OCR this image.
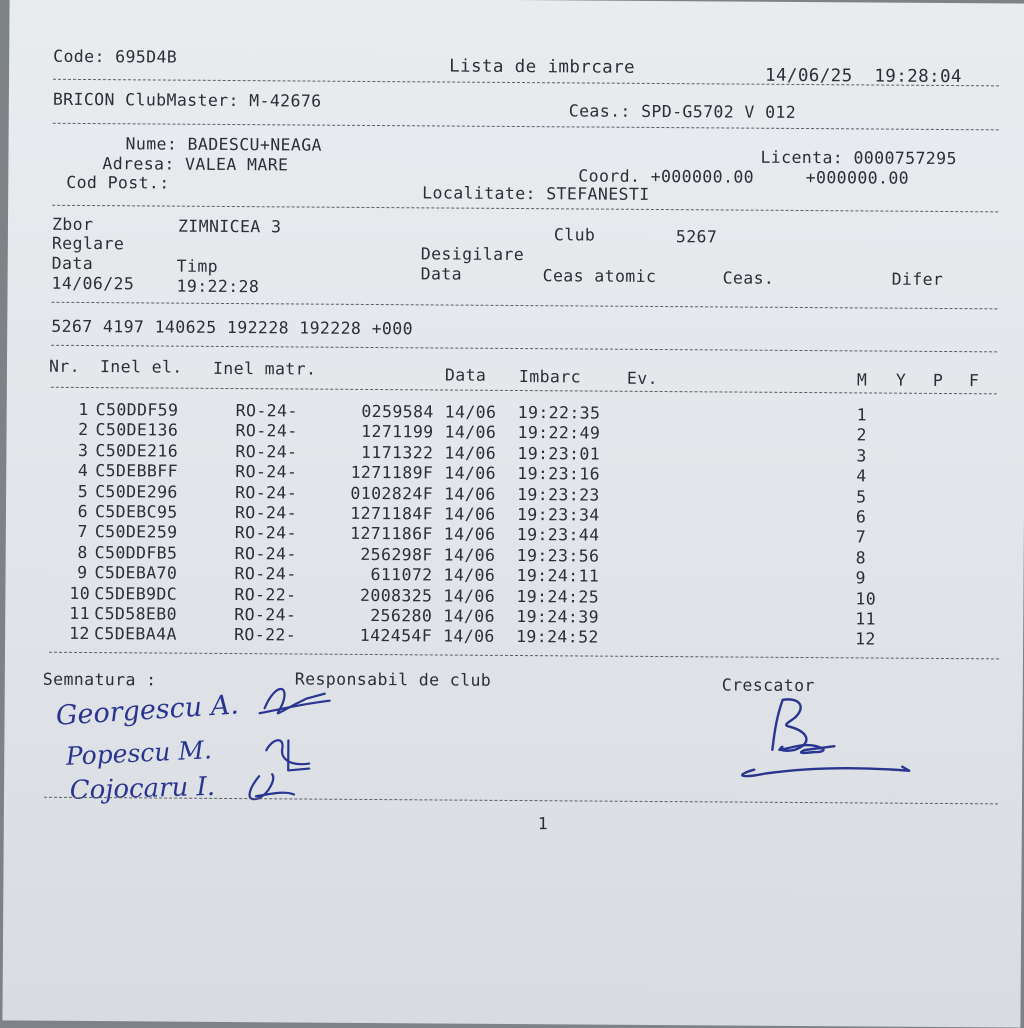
Code: 695D4B	Lista de imbrcare	14/06/25  19:28:04
BRICON ClubMaster: M-42676
Ceas.: SPD-G5702 V 012
Nume: BADESCU+NEAGA
Adresa: VALEA MARE
Cod Post.:
Licenta: 0000757295
Coord. +000000.00     +000000.00
Localitate: STEFANESTI
Zbor	ZIMNICEA 3	Club	5267
Reglare
Desigilare
Data	Timp	Data	Ceas atomic	Ceas.	Difer
14/06/25	19:22:28
5267 4197 140625 192228 192228 +000
Nr. Inel el. Inel matr.	Data Imbarc	Ev.	M Y P F
1 C50DDF59	RO-24-	0259584 14/06 19:22:35	1
2 C50DE136	RO-24-	1271199 14/06 19:22:49	2
3 C50DE216	RO-24-	1171322 14/06 19:23:01	3
4 C5DEBBFF	RO-24-	1271189F 14/06 19:23:16	4
5 C50DE296	RO-24-	0102824F 14/06 19:23:23	5
6 C5DEBC95	RO-24-	1271184F 14/06 19:23:34	6
7 C50DE259	RO-24-	1271186F 14/06 19:23:44	7
8 C50DDFB5	RO-24-	256298F 14/06 19:23:56	8
9 C5DEBA70	RO-24-	611072 14/06 19:24:11	9
10 C5DEB9DC	RO-22-	2008325 14/06 19:24:25	10
11 C5D58EB0	RO-24-	256280 14/06 19:24:39	11
12 C5DEBA4A	RO-22-	142454F 14/06 19:24:52	12
Semnatura :	Responsabil de club	Crescator
Georgescu A.
Popescu M.
Cojocaru I.
1
